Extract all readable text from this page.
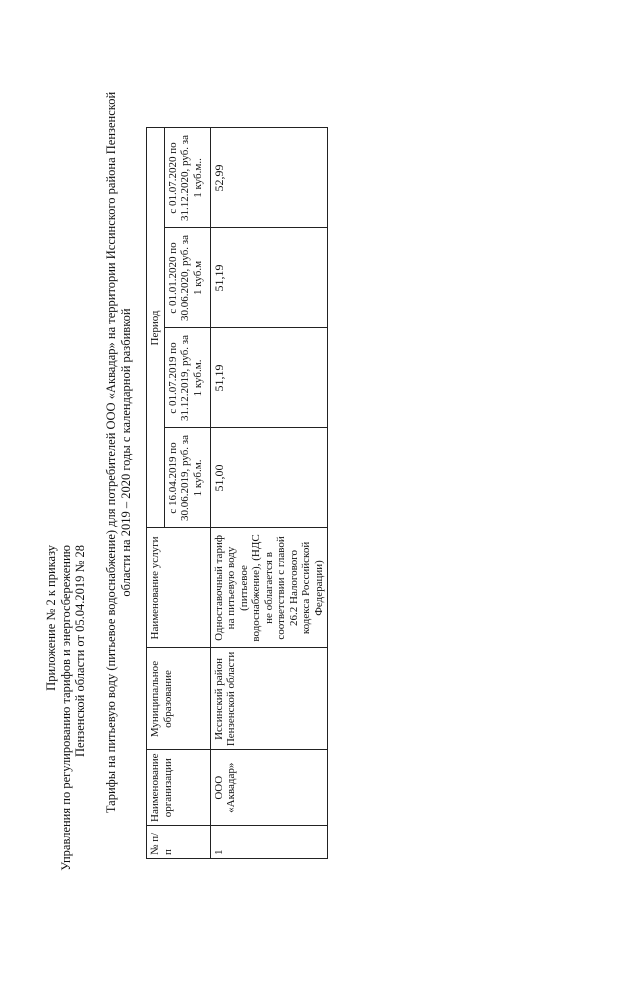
Приложение № 2 к приказу Управления по регулированию тарифов и энергосбережению Пензенской области от 05.04.2019 № 28 Тарифы на питьевую воду (питьевое водоснабжение) для потребителей ООО «Аквадар» на территории Иссинского района Пензенской области на 2019 – 2020 годы с календарной разбивкой
№ п/п	Наименование организации	Муниципальное образование	Наименование услуги	Период			
				с 16.04.2019 по 30.06.2019, руб. за 1 куб.м.	с 01.07.2019 по 31.12.2019, руб. за 1 куб.м.	с 01.01.2020 по 30.06.2020, руб. за 1 куб.м	с 01.07.2020 по 31.12.2020, руб. за 1 куб.м..
1	ООО «Аквадар»	Иссинский район Пензенской области	Одноставочный тариф на питьевую воду (питьевое водоснабжение), (НДС не облагается в соответствии с главой 26.2 Налогового кодекса Российской Федерации)	51,00	51,19	51,19	52,99
